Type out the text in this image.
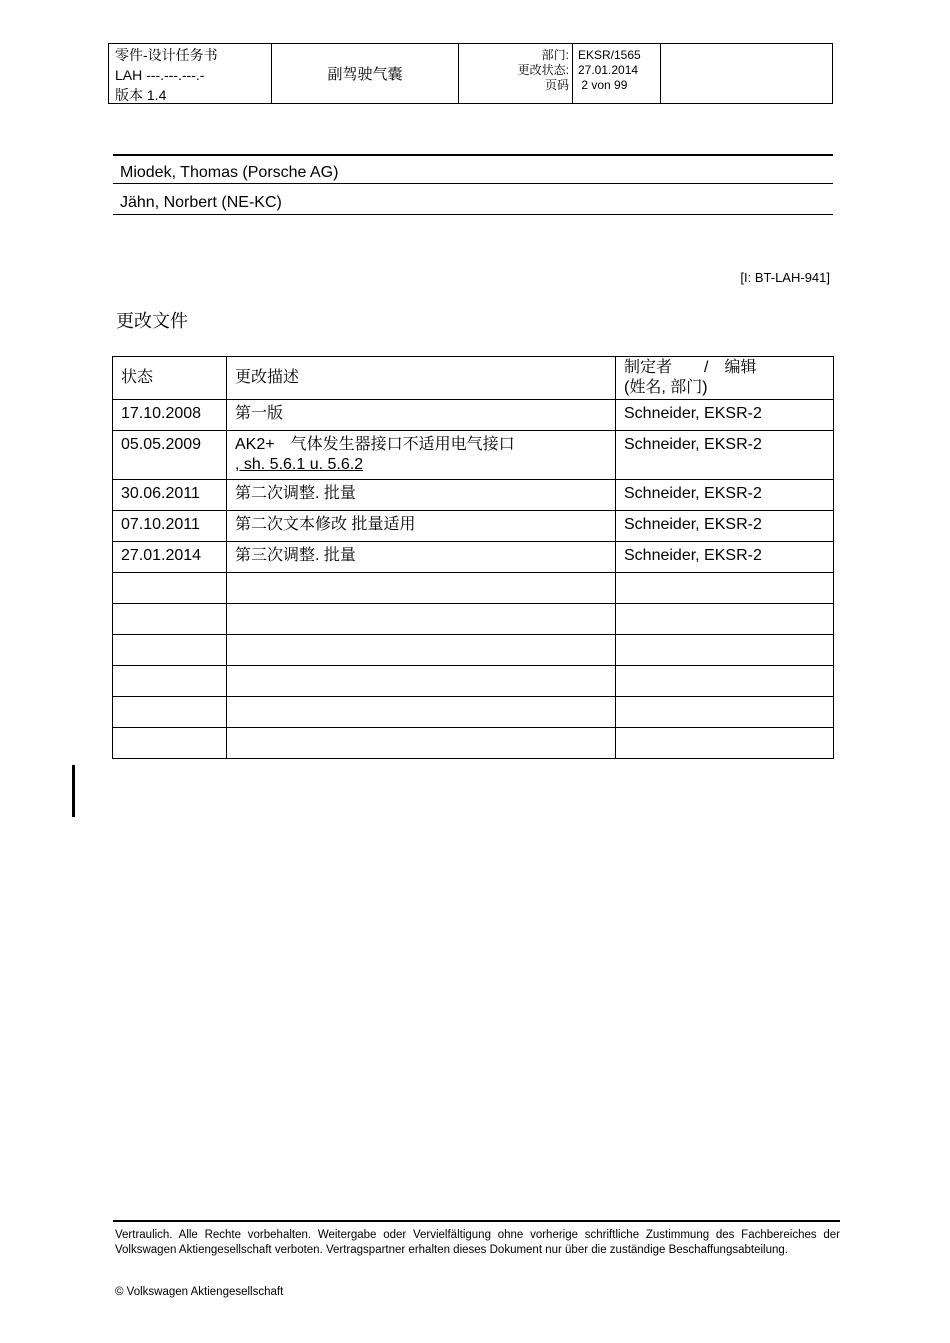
零件-设计任务书
LAH ---.---.---.-
版本 1.4
副驾驶气囊
部门:
更改状态:
页码
EKSR/1565
27.01.2014
2 von 99
Miodek, Thomas (Porsche AG)
Jähn, Norbert (NE-KC)
[I: BT-LAH-941]
更改文件
状态	更改描述	制定者　　/　编辑
(姓名, 部门)

17.10.2008	第一版	Schneider, EKSR-2
05.05.2009	AK2+　气体发生器接口不适用电气接口
, sh. 5.6.1 u. 5.6.2	Schneider, EKSR-2
30.06.2011	第二次调整. 批量	Schneider, EKSR-2
07.10.2011	第二次文本修改 批量适用	Schneider, EKSR-2
27.01.2014	第三次调整. 批量	Schneider, EKSR-2

Vertraulich. Alle Rechte vorbehalten. Weitergabe oder Vervielfältigung ohne vorherige schriftliche Zustimmung des Fachbereiches der Volkswagen Aktiengesellschaft verboten. Vertragspartner erhalten dieses Dokument nur über die zuständige Beschaffungsabteilung.
© Volkswagen Aktiengesellschaft
